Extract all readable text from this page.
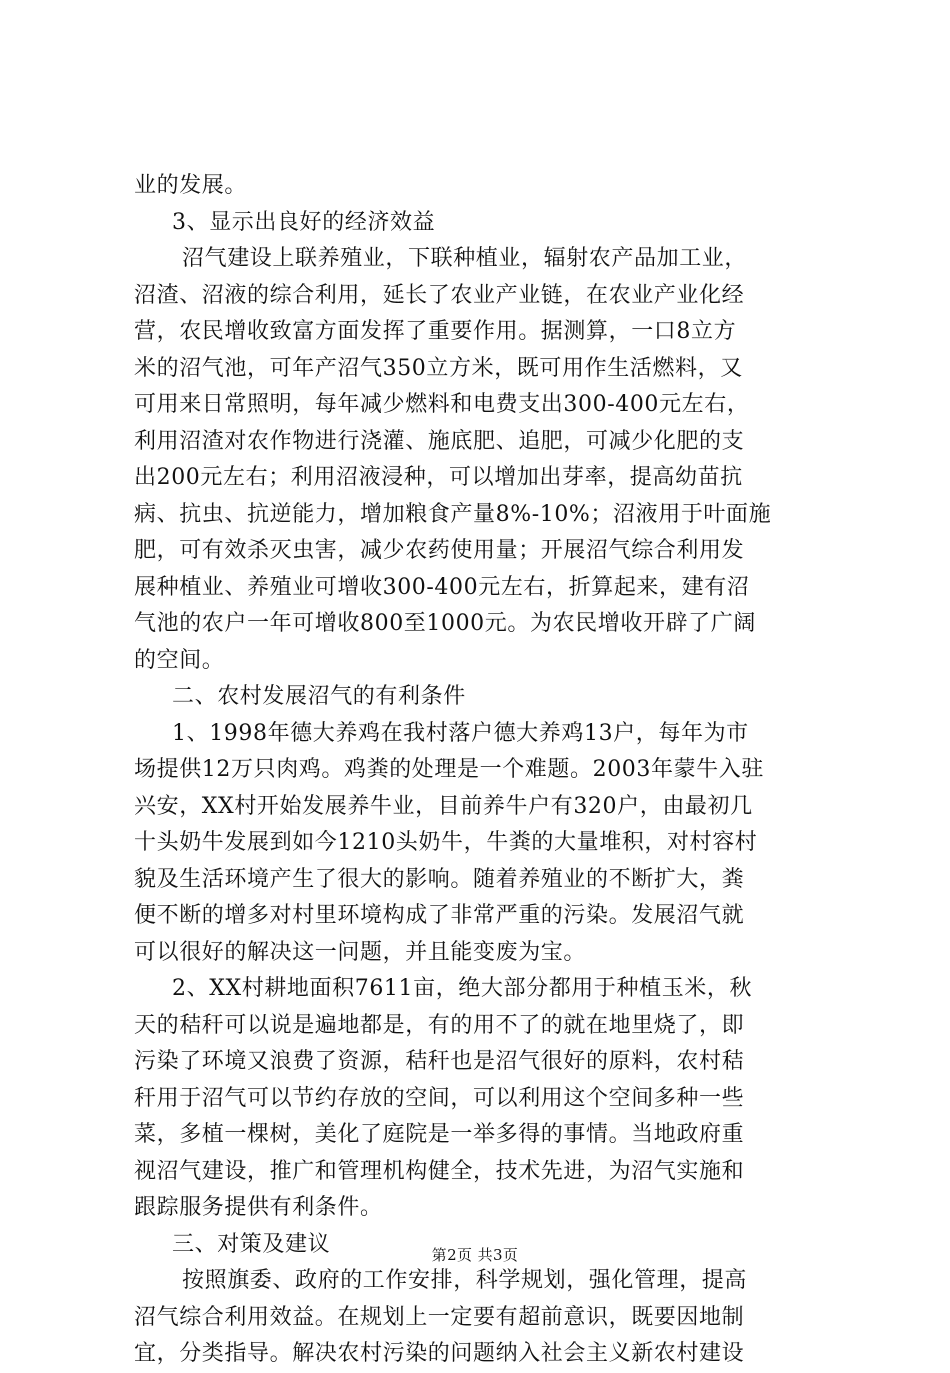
业的发展。
3、显示出良好的经济效益
沼气建设上联养殖业，下联种植业，辐射农产品加工业，
沼渣、沼液的综合利用，延长了农业产业链，在农业产业化经
营，农民增收致富方面发挥了重要作用。据测算，一口8立方
米的沼气池，可年产沼气350立方米，既可用作生活燃料，又
可用来日常照明，每年减少燃料和电费支出300-400元左右，
利用沼渣对农作物进行浇灌、施底肥、追肥，可减少化肥的支
出200元左右；利用沼液浸种，可以增加出芽率，提高幼苗抗
病、抗虫、抗逆能力，增加粮食产量8%-10%；沼液用于叶面施
肥，可有效杀灭虫害，减少农药使用量；开展沼气综合利用发
展种植业、养殖业可增收300-400元左右，折算起来，建有沼
气池的农户一年可增收800至1000元。为农民增收开辟了广阔
的空间。
二、农村发展沼气的有利条件
1、1998年德大养鸡在我村落户德大养鸡13户，每年为市
场提供12万只肉鸡。鸡粪的处理是一个难题。2003年蒙牛入驻
兴安，XX村开始发展养牛业，目前养牛户有320户，由最初几
十头奶牛发展到如今1210头奶牛，牛粪的大量堆积，对村容村
貌及生活环境产生了很大的影响。随着养殖业的不断扩大，粪
便不断的增多对村里环境构成了非常严重的污染。发展沼气就
可以很好的解决这一问题，并且能变废为宝。
2、XX村耕地面积7611亩，绝大部分都用于种植玉米，秋
天的秸秆可以说是遍地都是，有的用不了的就在地里烧了，即
污染了环境又浪费了资源，秸秆也是沼气很好的原料，农村秸
秆用于沼气可以节约存放的空间，可以利用这个空间多种一些
菜，多植一棵树，美化了庭院是一举多得的事情。当地政府重
视沼气建设，推广和管理机构健全，技术先进，为沼气实施和
跟踪服务提供有利条件。
三、对策及建议
按照旗委、政府的工作安排，科学规划，强化管理，提高
沼气综合利用效益。在规划上一定要有超前意识，既要因地制
宜，分类指导。解决农村污染的问题纳入社会主义新农村建设
第2页 共3页
